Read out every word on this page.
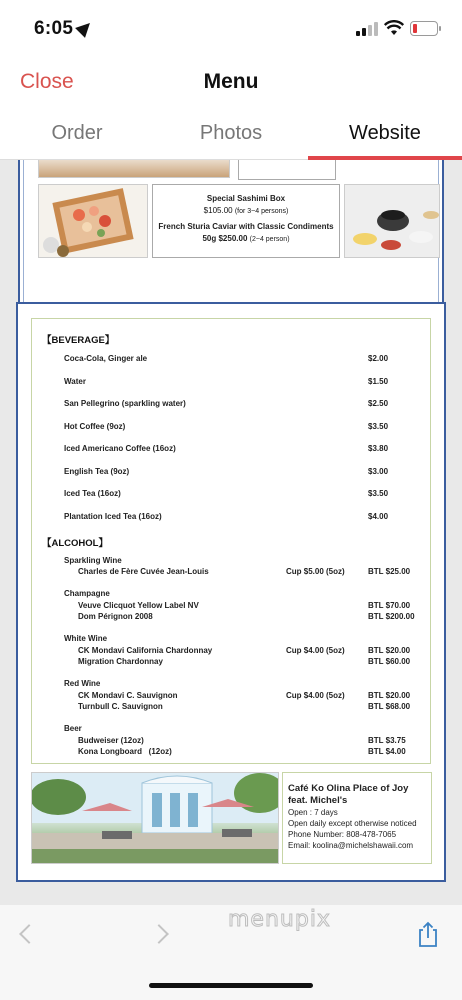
6:05
Close	Menu
Order	Photos	Website
Special Sashimi Box
$105.00 (for 3~4 persons)
French Sturia Caviar with Classic Condiments
50g $250.00 (2~4 person)
【BEVERAGE】
Coca-Cola, Ginger ale	$2.00
Water	$1.50
San Pellegrino (sparkling water)	$2.50
Hot Coffee (9oz)	$3.50
Iced Americano Coffee (16oz)	$3.80
English Tea (9oz)	$3.00
Iced Tea (16oz)	$3.50
Plantation Iced Tea (16oz)	$4.00
【ALCOHOL】
Sparkling Wine
Charles de Fère Cuvée Jean-Louis	Cup $5.00 (5oz)	BTL $25.00
Champagne
Veuve Clicquot Yellow Label NV	BTL $70.00
Dom Pérignon 2008	BTL $200.00
White Wine
CK Mondavi California Chardonnay	Cup $4.00 (5oz)	BTL $20.00
Migration Chardonnay	BTL $60.00
Red Wine
CK Mondavi C. Sauvignon	Cup $4.00 (5oz)	BTL $20.00
Turnbull C. Sauvignon	BTL $68.00
Beer
Budweiser (12oz)	BTL $3.75
Kona Longboard   (12oz)	BTL $4.00
Café Ko Olina Place of Joy
feat. Michel's
Open : 7 days
Open daily except otherwise noticed
Phone Number: 808-478-7065
Email: koolina@michelshawaii.com
menupix
